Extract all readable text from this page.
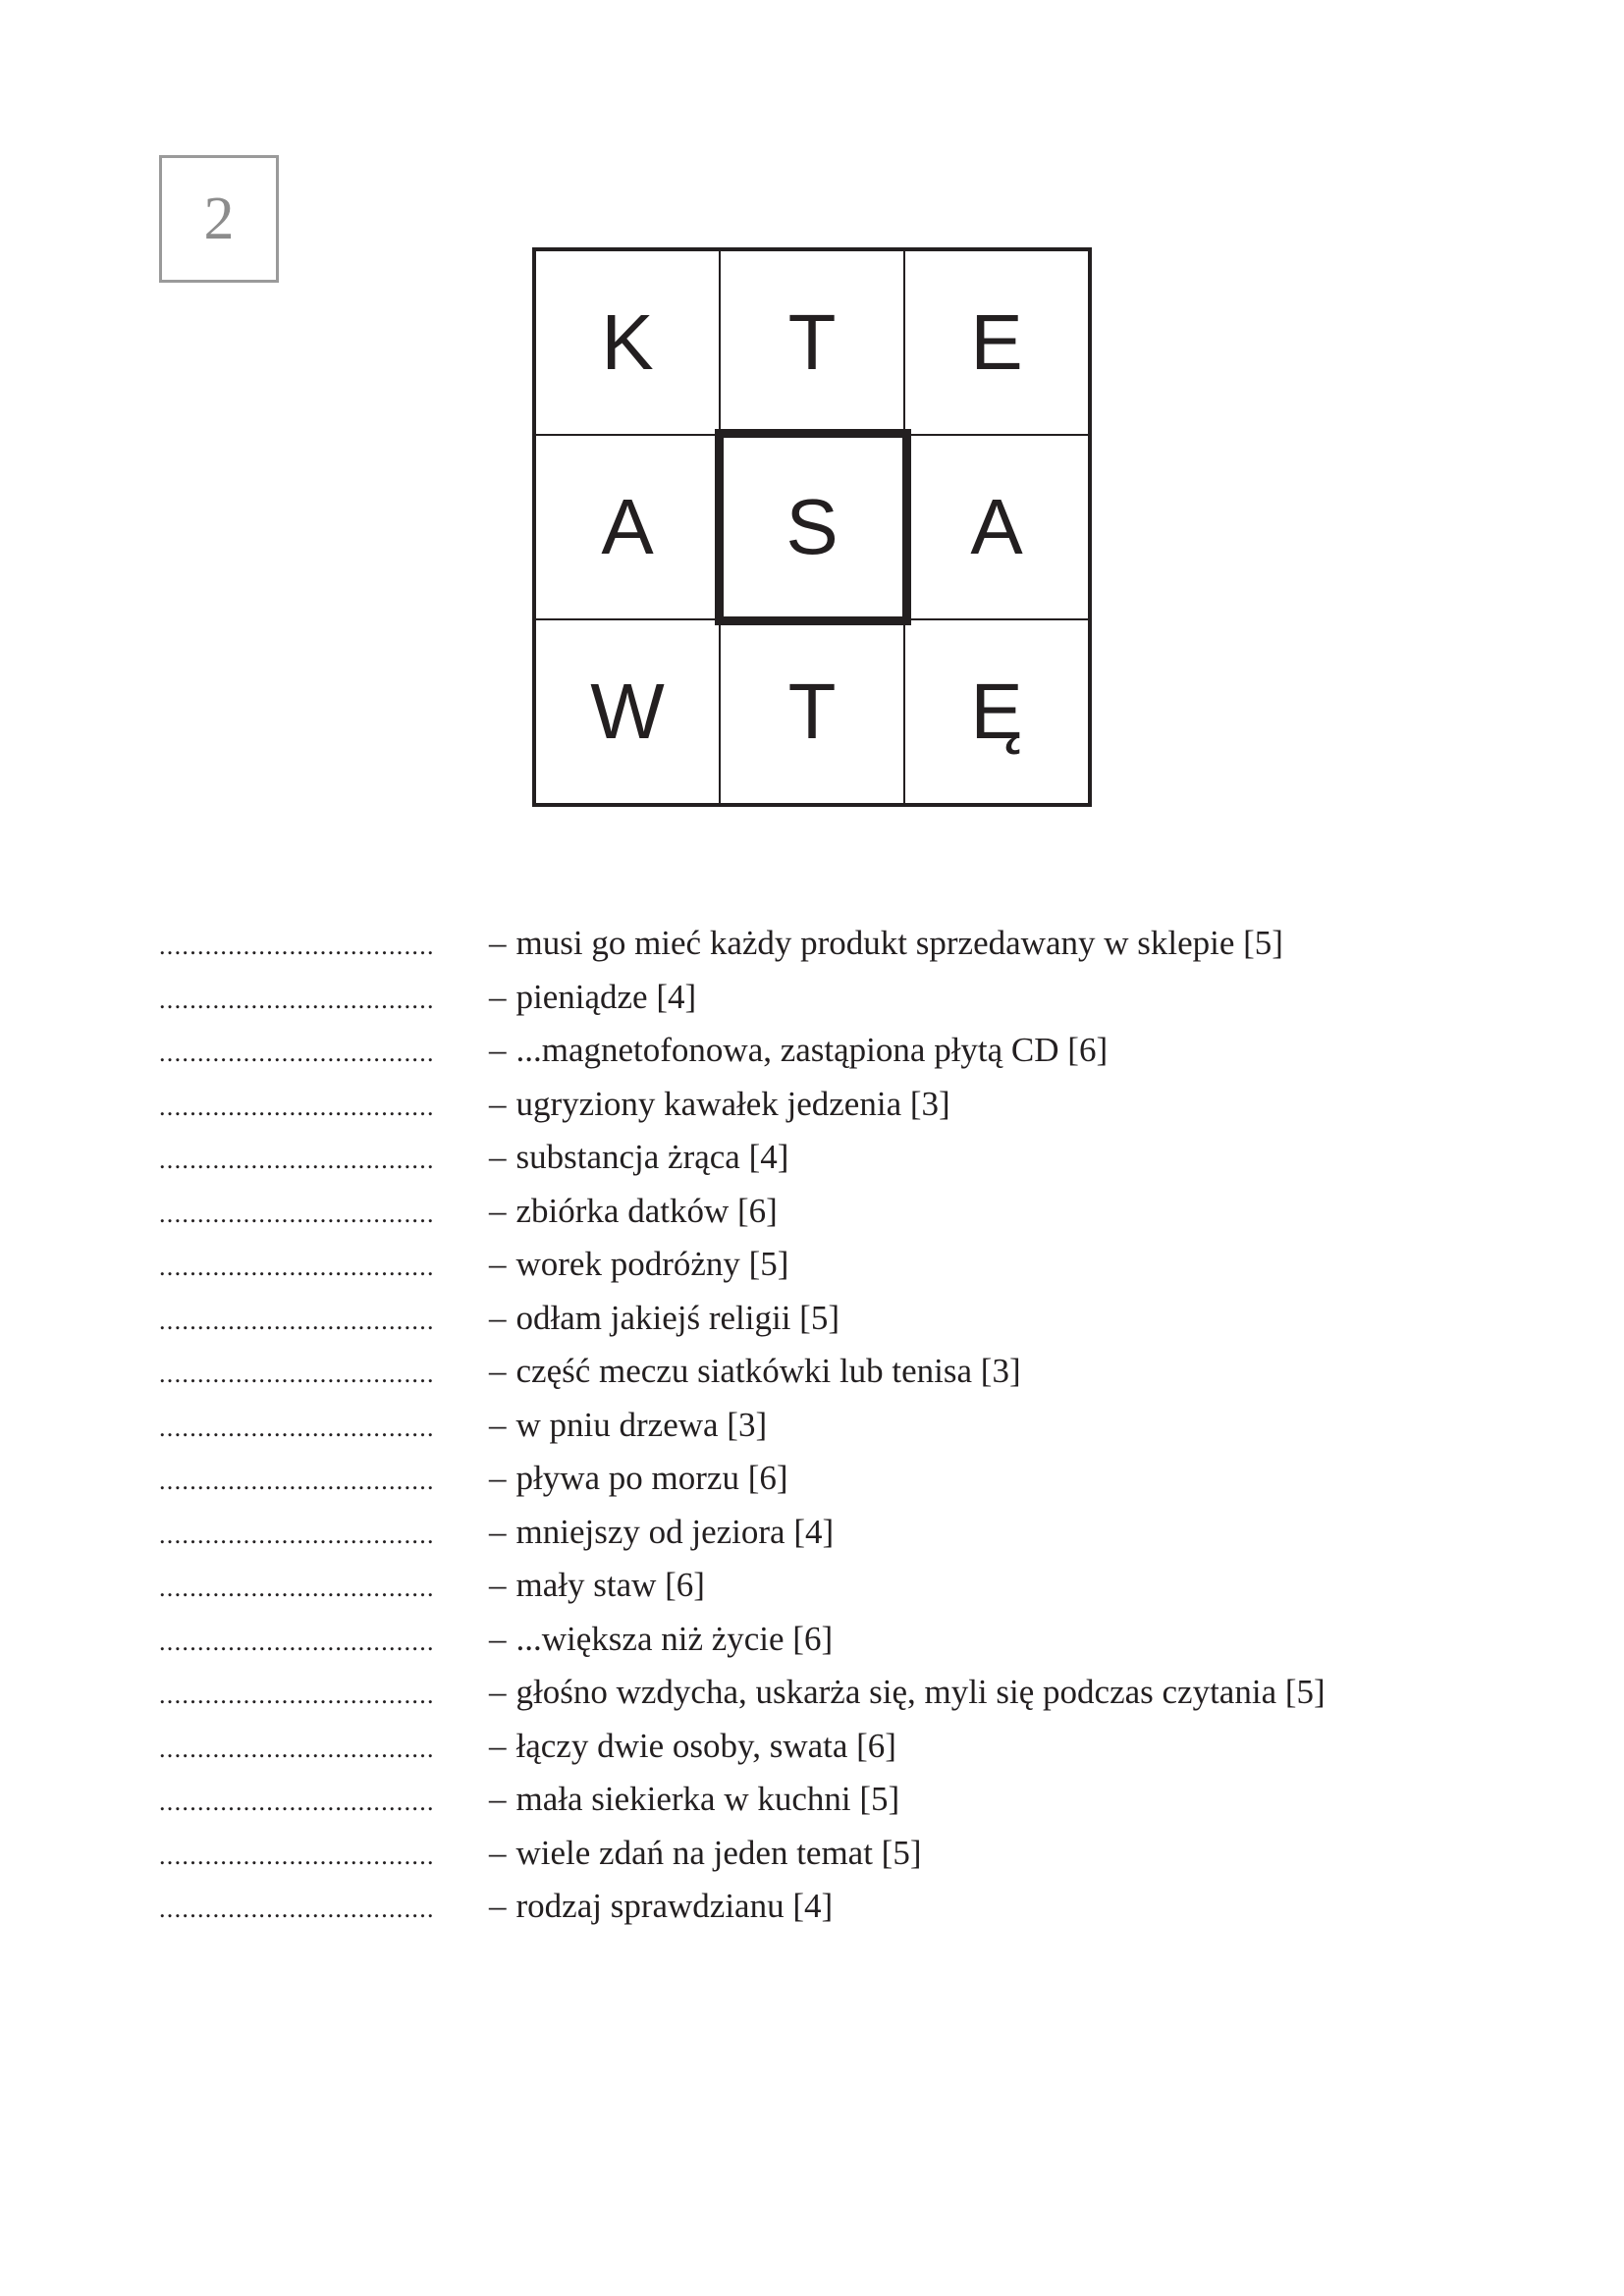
2
K	T	E
A	S	A
W	T	Ę
....................................	– musi go mieć każdy produkt sprzedawany w sklepie [5]
....................................	– pieniądze [4]
....................................	– ...magnetofonowa, zastąpiona płytą CD [6]
....................................	– ugryziony kawałek jedzenia [3]
....................................	– substancja żrąca [4]
....................................	– zbiórka datków [6]
....................................	– worek podróżny [5]
....................................	– odłam jakiejś religii [5]
....................................	– część meczu siatkówki lub tenisa [3]
....................................	– w pniu drzewa [3]
....................................	– pływa po morzu [6]
....................................	– mniejszy od jeziora [4]
....................................	– mały staw [6]
....................................	– ...większa niż życie [6]
....................................	– głośno wzdycha, uskarża się, myli się podczas czytania [5]
....................................	– łączy dwie osoby, swata [6]
....................................	– mała siekierka w kuchni [5]
....................................	– wiele zdań na jeden temat [5]
....................................	– rodzaj sprawdzianu [4]
